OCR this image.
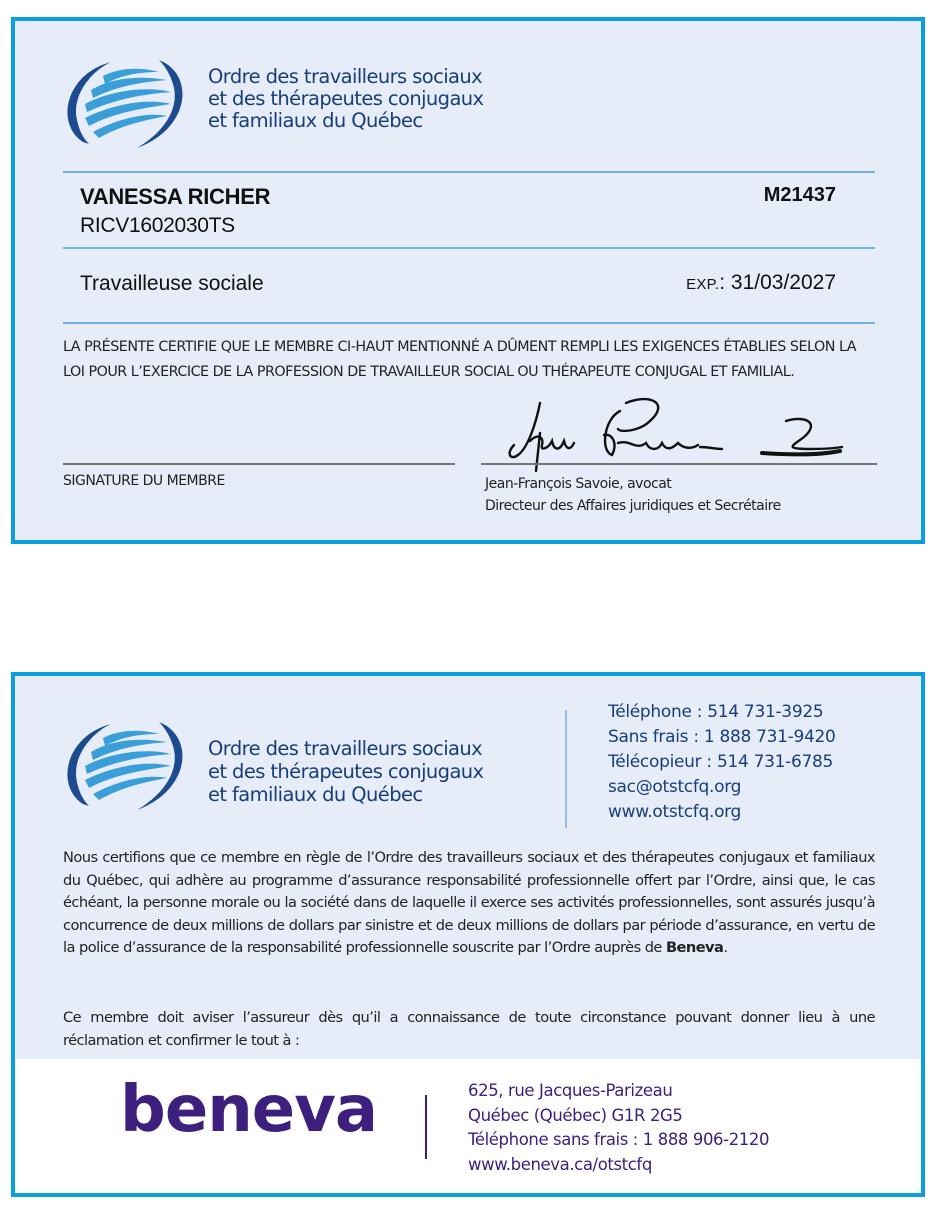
Ordre des travailleurs sociaux
et des thérapeutes conjugaux
et familiaux du Québec
VANESSA RICHER	M21437
RICV1602030TS
Travailleuse sociale	EXP.: 31/03/2027
LA PRÉSENTE CERTIFIE QUE LE MEMBRE CI-HAUT MENTIONNÉ A DÛMENT REMPLI LES EXIGENCES ÉTABLIES SELON LA LOI POUR L’EXERCICE DE LA PROFESSION DE TRAVAILLEUR SOCIAL OU THÉRAPEUTE CONJUGAL ET FAMILIAL.
SIGNATURE DU MEMBRE	Jean-François Savoie, avocat
Directeur des Affaires juridiques et Secrétaire
Ordre des travailleurs sociaux
et des thérapeutes conjugaux
et familiaux du Québec
Téléphone : 514 731-3925
Sans frais : 1 888 731-9420
Télécopieur : 514 731-6785
sac@otstcfq.org
www.otstcfq.org
Nous certifions que ce membre en règle de l’Ordre des travailleurs sociaux et des thérapeutes conjugaux et familiaux du Québec, qui adhère au programme d’assurance responsabilité professionnelle offert par l’Ordre, ainsi que, le cas échéant, la personne morale ou la société dans de laquelle il exerce ses activités professionnelles, sont assurés jusqu’à concurrence de deux millions de dollars par sinistre et de deux millions de dollars par période d’assurance, en vertu de la police d’assurance de la responsabilité professionnelle souscrite par l’Ordre auprès de Beneva.
Ce membre doit aviser l’assureur dès qu’il a connaissance de toute circonstance pouvant donner lieu à une réclamation et confirmer le tout à :
beneva	625, rue Jacques-Parizeau
Québec (Québec) G1R 2G5
Téléphone sans frais : 1 888 906-2120
www.beneva.ca/otstcfq
